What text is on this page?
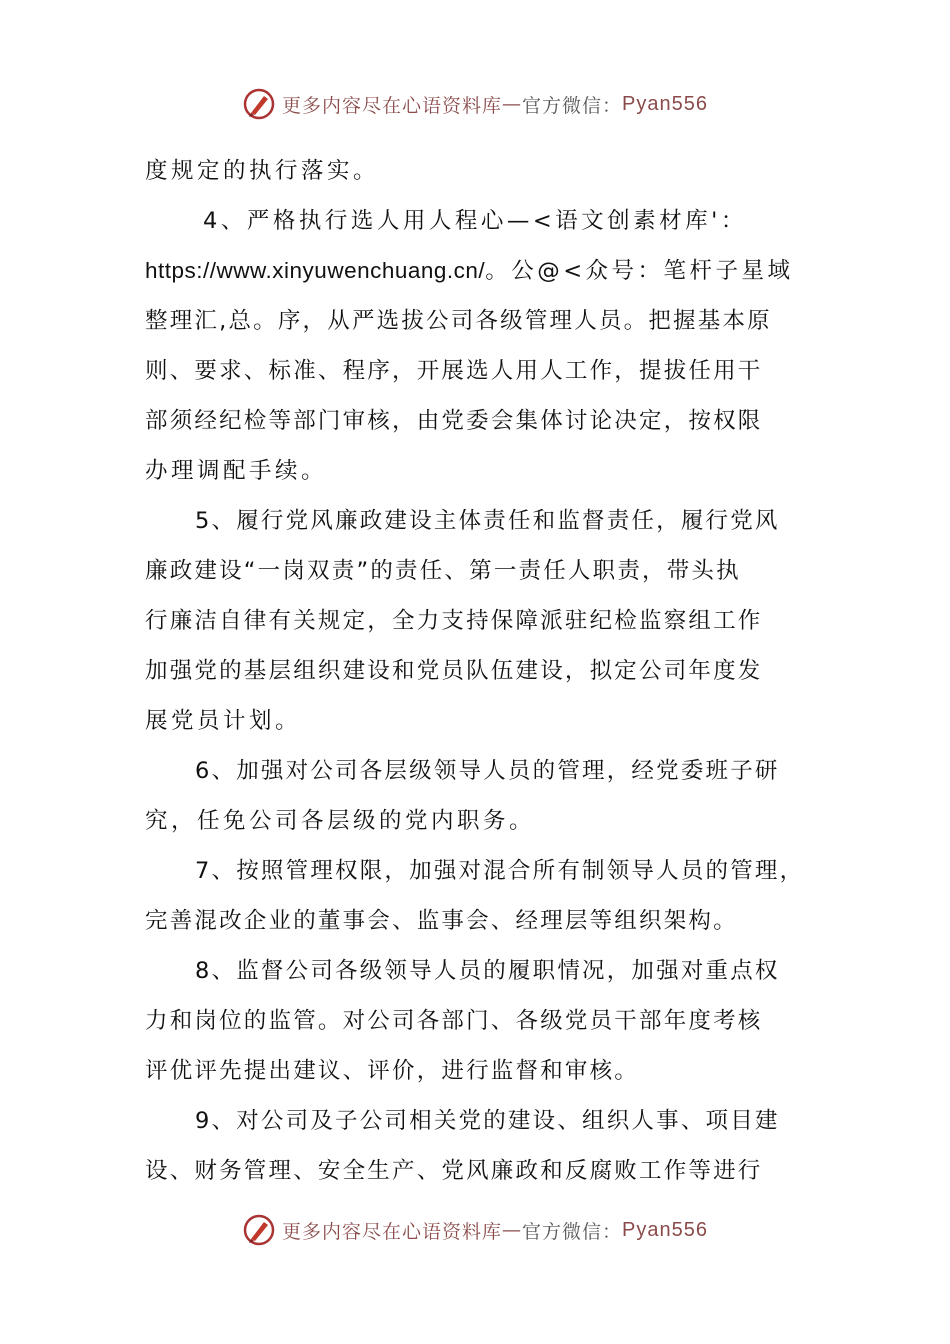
更多内容尽在心语资料库 — 官方微信： Pyan556
度规定的执行落实。
4、严格执行选人用人程心—<语文创素材库'：
https://www.xinyuwenchuang.cn/。公@<众号：笔杆子星域
整理汇,总。序，从严选拔公司各级管理人员。把握基本原
则、要求、标准、程序，开展选人用人工作，提拔任用干
部须经纪检等部门审核，由党委会集体讨论决定，按权限
办理调配手续。
5、履行党风廉政建设主体责任和监督责任，履行党风
廉政建设“一岗双责”的责任、第一责任人职责，带头执
行廉洁自律有关规定，全力支持保障派驻纪检监察组工作
加强党的基层组织建设和党员队伍建设，拟定公司年度发
展党员计划。
6、加强对公司各层级领导人员的管理，经党委班子研
究，任免公司各层级的党内职务。
7、按照管理权限，加强对混合所有制领导人员的管理，
完善混改企业的董事会、监事会、经理层等组织架构。
8、监督公司各级领导人员的履职情况，加强对重点权
力和岗位的监管。对公司各部门、各级党员干部年度考核
评优评先提出建议、评价，进行监督和审核。
9、对公司及子公司相关党的建设、组织人事、项目建
设、财务管理、安全生产、党风廉政和反腐败工作等进行
更多内容尽在心语资料库 — 官方微信： Pyan556
